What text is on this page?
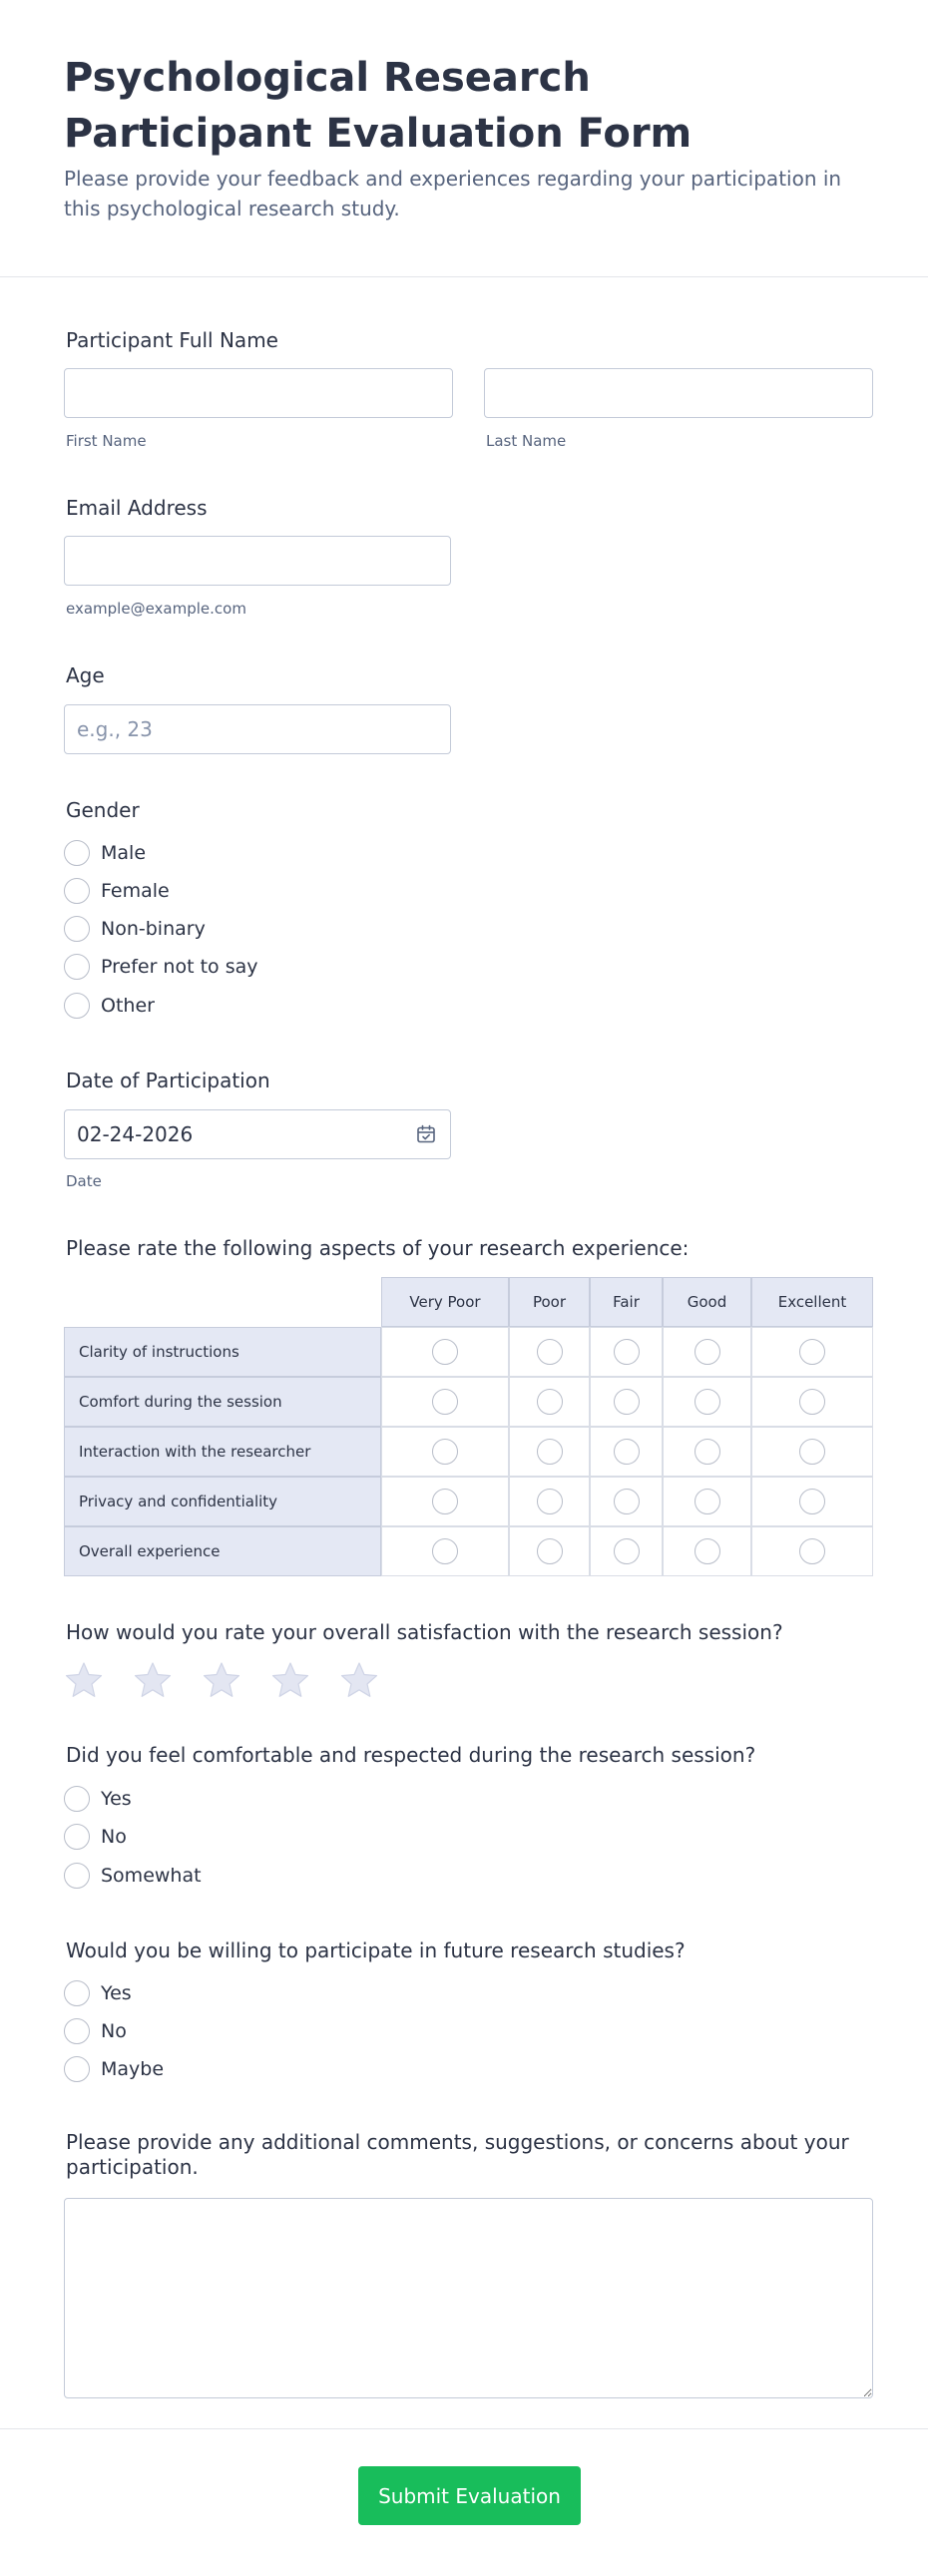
Psychological Research Participant Evaluation Form

Please provide your feedback and experiences regarding your participation in this psychological research study.

Participant Full Name
First Name	Last Name
Email Address
example@example.com
Age
e.g., 23
Gender
Male
Female
Non-binary
Prefer not to say
Other
Date of Participation
02-24-2026
Date
Please rate the following aspects of your research experience:
Very Poor	Poor	Fair	Good	Excellent
Clarity of instructions
Comfort during the session
Interaction with the researcher
Privacy and confidentiality
Overall experience
How would you rate your overall satisfaction with the research session?
Did you feel comfortable and respected during the research session?
Yes
No
Somewhat
Would you be willing to participate in future research studies?
Yes
No
Maybe
Please provide any additional comments, suggestions, or concerns about your participation.
Submit Evaluation
